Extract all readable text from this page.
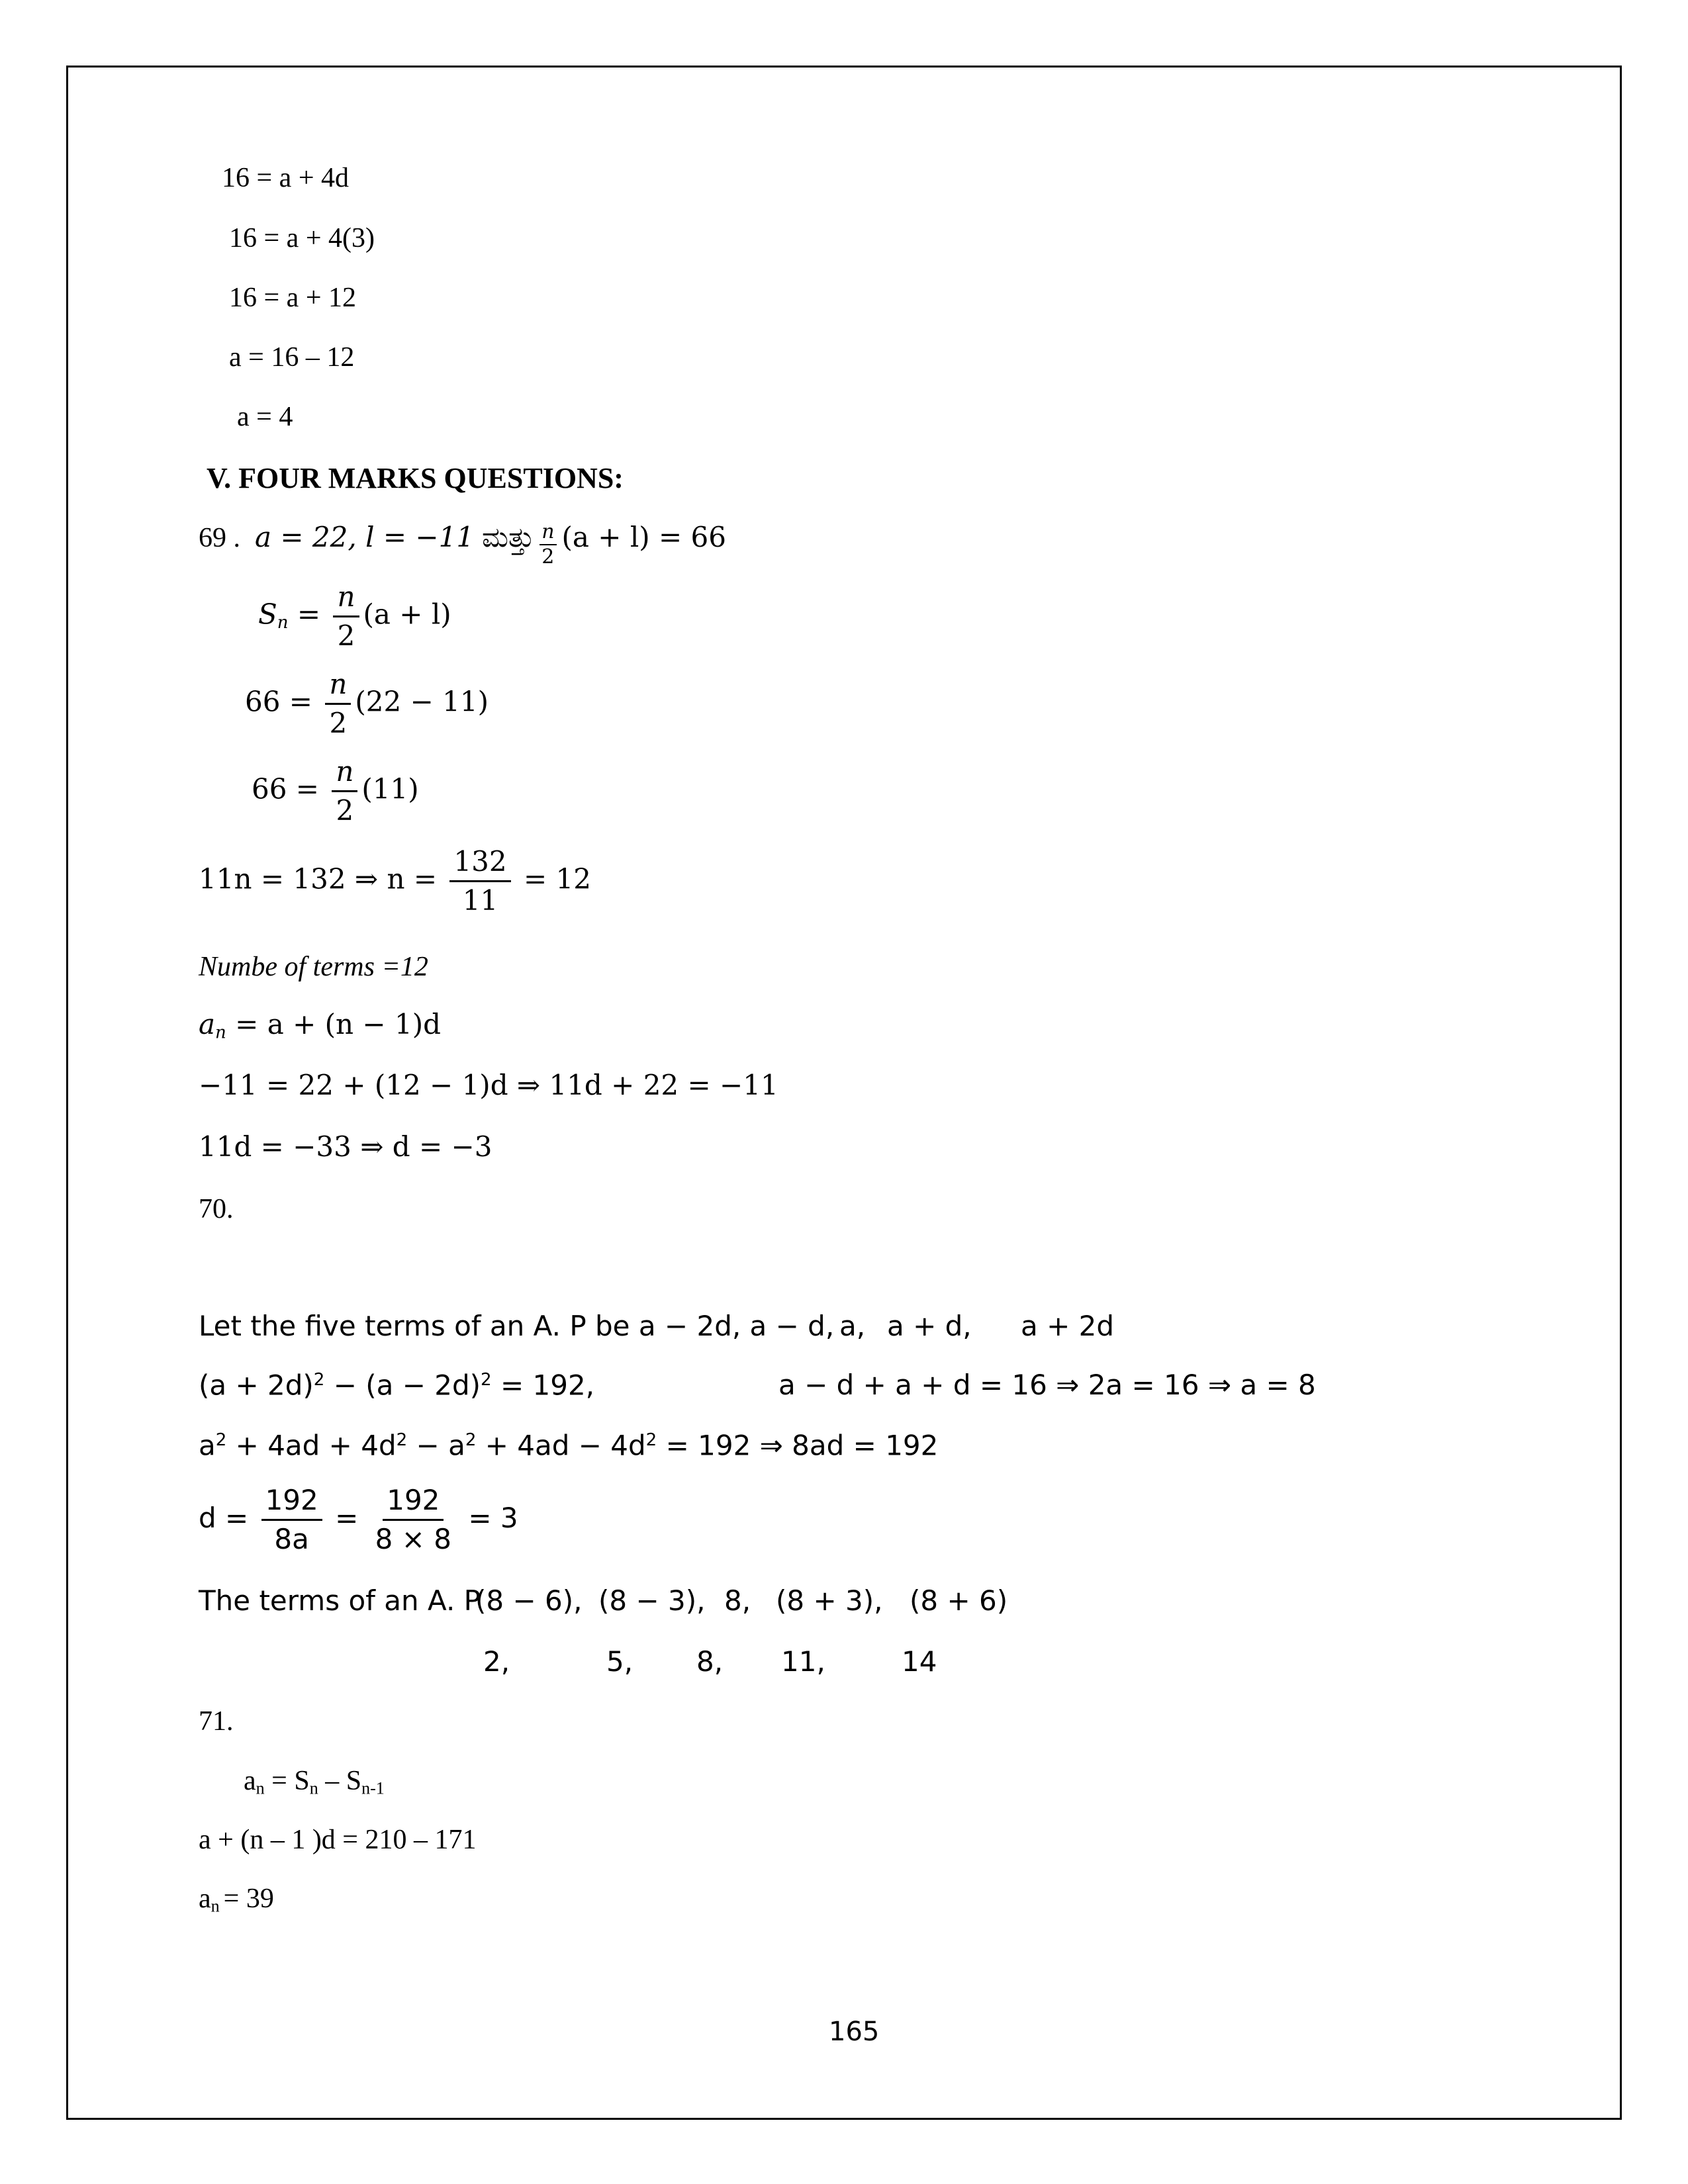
16 = a + 4d
16 = a + 4(3)
16 = a + 12
a = 16 – 12
a = 4
V. FOUR MARKS QUESTIONS:
69 . a = 22, l = −11 ಮತ್ತು $\frac{n}{2} (a + l) = 66$
$S_n = \frac{n}{2} (a + l)$
$66 = \frac{n}{2} (22 - 11)$
$66 = \frac{n}{2} (11)$
11n = 132 ⇒ $n = \frac{132}{11} = 12$
Numbe of terms =12
$a_n = a + (n - 1)d$
−11 = 22 + (12 − 1)d ⇒ 11d + 22 = −11
11d = −33 ⇒ d = −3
70.
Let the five terms of an A. P be a − 2d, a − d, a, a + d, a + 2d
$(a + 2d)^2 - (a - 2d)^2 = 192$,	a − d + a + d = 16 ⇒ 2a = 16 ⇒ a = 8
$a^2 + 4ad + 4d^2 - a^2 + 4ad - 4d^2 = 192$ ⇒ 8ad = 192
$d = \frac{192}{8a} = \frac{192}{8 \times 8} = 3$
The terms of an A. P
(8 − 6), (8 − 3), 8, (8 + 3), (8 + 6)
2,	5, 8, 11,	14
71.
$a_n = S_n - S_{n-1}$
a + (n – 1 )d = 210 – 171
$a_n = 39$
165
